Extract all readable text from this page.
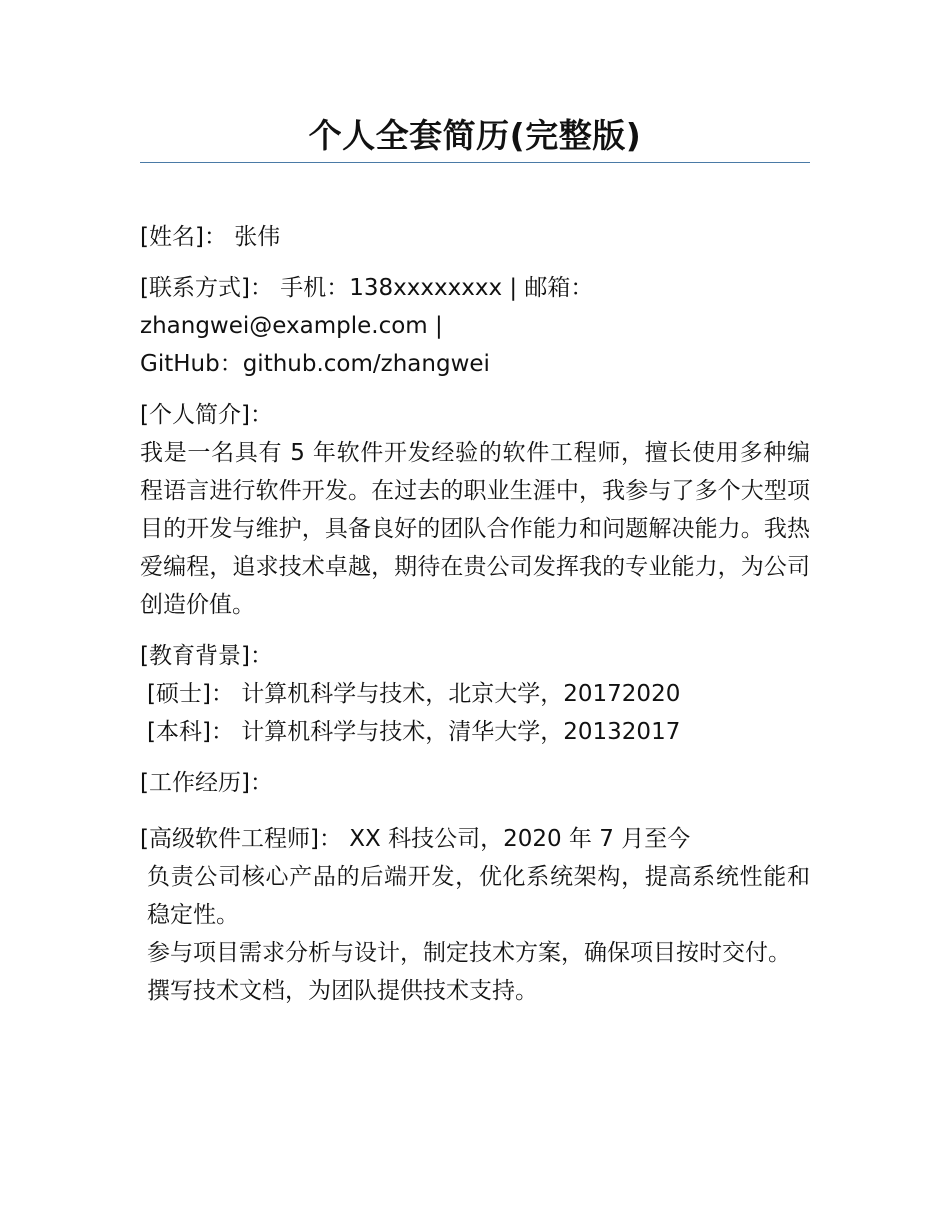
个人全套简历(完整版)
[姓名]： 张伟
[联系方式]： 手机：138xxxxxxxx | 邮箱：
zhangwei@example.com |
GitHub：github.com/zhangwei
[个人简介]：
我是一名具有 5 年软件开发经验的软件工程师，擅长使用多种编程语言进行软件开发。在过去的职业生涯中，我参与了多个大型项目的开发与维护，具备良好的团队合作能力和问题解决能力。我热爱编程，追求技术卓越，期待在贵公司发挥我的专业能力，为公司创造价值。
[教育背景]：
[硕士]： 计算机科学与技术，北京大学，20172020
[本科]： 计算机科学与技术，清华大学，20132017
[工作经历]：
[高级软件工程师]： XX 科技公司，2020 年 7 月至今
负责公司核心产品的后端开发，优化系统架构，提高系统性能和稳定性。
参与项目需求分析与设计，制定技术方案，确保项目按时交付。
撰写技术文档，为团队提供技术支持。
